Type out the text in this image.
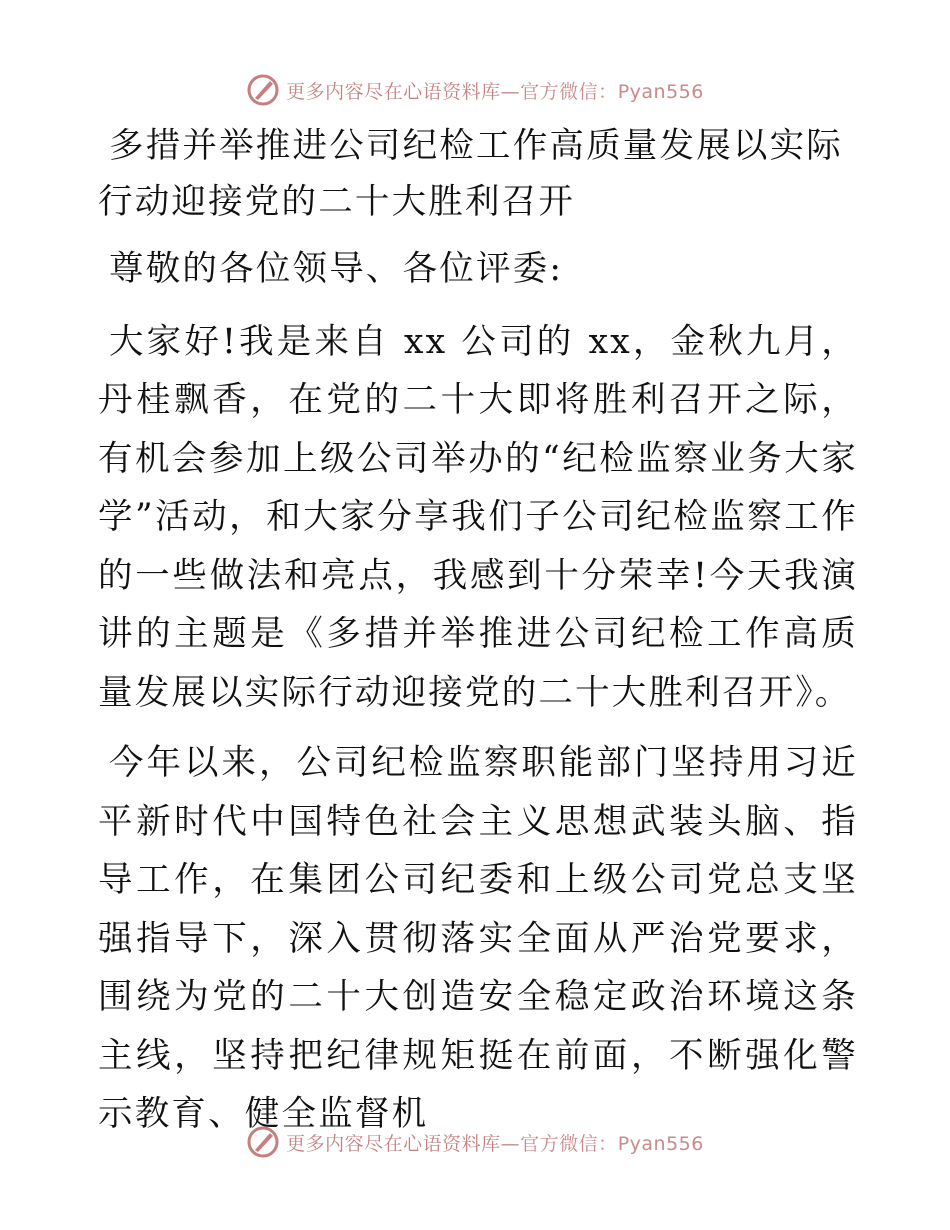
更多内容尽在心语资料库—官方微信：Pyan556
多措并举推进公司纪检工作高质量发展以实际行动迎接党的二十大胜利召开

尊敬的各位领导、各位评委:

大家好!我是来自 xx 公司的 xx，金秋九月，丹桂飘香，在党的二十大即将胜利召开之际，有机会参加上级公司举办的“纪检监察业务大家学”活动，和大家分享我们子公司纪检监察工作的一些做法和亮点，我感到十分荣幸!今天我演讲的主题是《多措并举推进公司纪检工作高质量发展以实际行动迎接党的二十大胜利召开》。

今年以来，公司纪检监察职能部门坚持用习近平新时代中国特色社会主义思想武装头脑、指导工作，在集团公司纪委和上级公司党总支坚强指导下，深入贯彻落实全面从严治党要求，围绕为党的二十大创造安全稳定政治环境这条主线，坚持把纪律规矩挺在前面，不断强化警示教育、健全监督机

更多内容尽在心语资料库—官方微信：Pyan556
